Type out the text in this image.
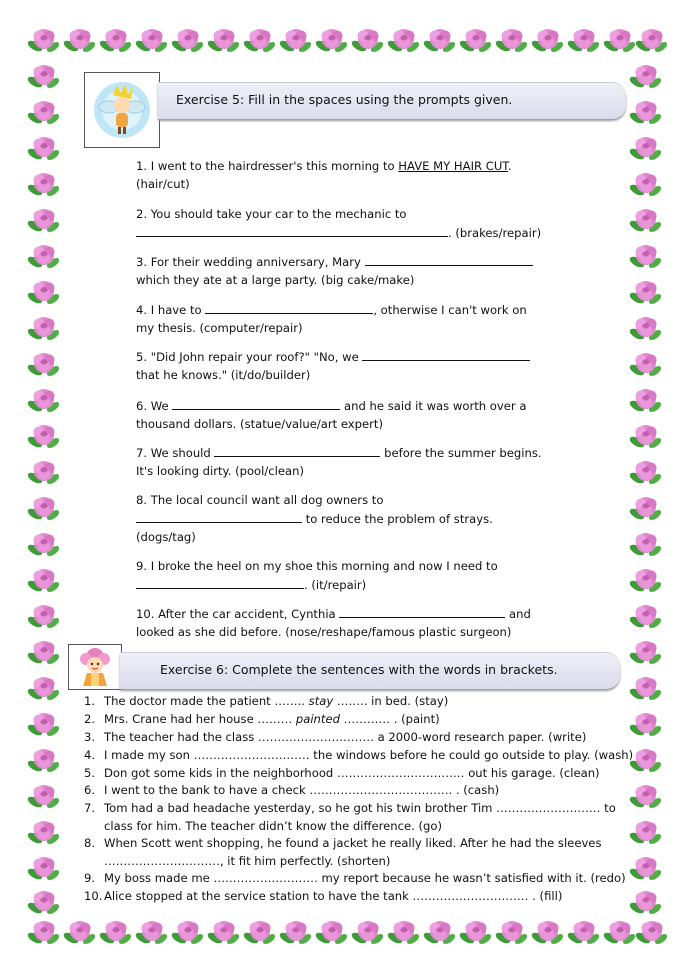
Exercise 5: Fill in the spaces using the prompts given.
1. I went to the hairdresser's this morning to HAVE MY HAIR CUT.
(hair/cut)
2. You should take your car to the mechanic to
. (brakes/repair)
3. For their wedding anniversary, Mary
which they ate at a large party. (big cake/make)
4. I have to	, otherwise I can't work on
my thesis. (computer/repair)
5. "Did John repair your roof?" "No, we
that he knows." (it/do/builder)
6. We	and he said it was worth over a
thousand dollars. (statue/value/art expert)
7. We should	before the summer begins.
It's looking dirty. (pool/clean)
8. The local council want all dog owners to
to reduce the problem of strays.
(dogs/tag)
9. I broke the heel on my shoe this morning and now I need to
. (it/repair)
10. After the car accident, Cynthia	and
looked as she did before. (nose/reshape/famous plastic surgeon)
Exercise 6: Complete the sentences with the words in brackets.
1. The doctor made the patient …….. stay …….. in bed. (stay)
2. Mrs. Crane had her house ……… painted ………… . (paint)
3. The teacher had the class ………………………… a 2000-word research paper. (write)
4. I made my son ………………………… the windows before he could go outside to play. (wash)
5. Don got some kids in the neighborhood …………………………… out his garage. (clean)
6. I went to the bank to have a check ………………………………. . (cash)
7. Tom had a bad headache yesterday, so he got his twin brother Tim ……………………… to
class for him. The teacher didn’t know the difference. (go)
8. When Scott went shopping, he found a jacket he really liked. After he had the sleeves
…………………………, it fit him perfectly. (shorten)
9. My boss made me ……………………… my report because he wasn’t satisfied with it. (redo)
10. Alice stopped at the service station to have the tank ………………………… . (fill)
